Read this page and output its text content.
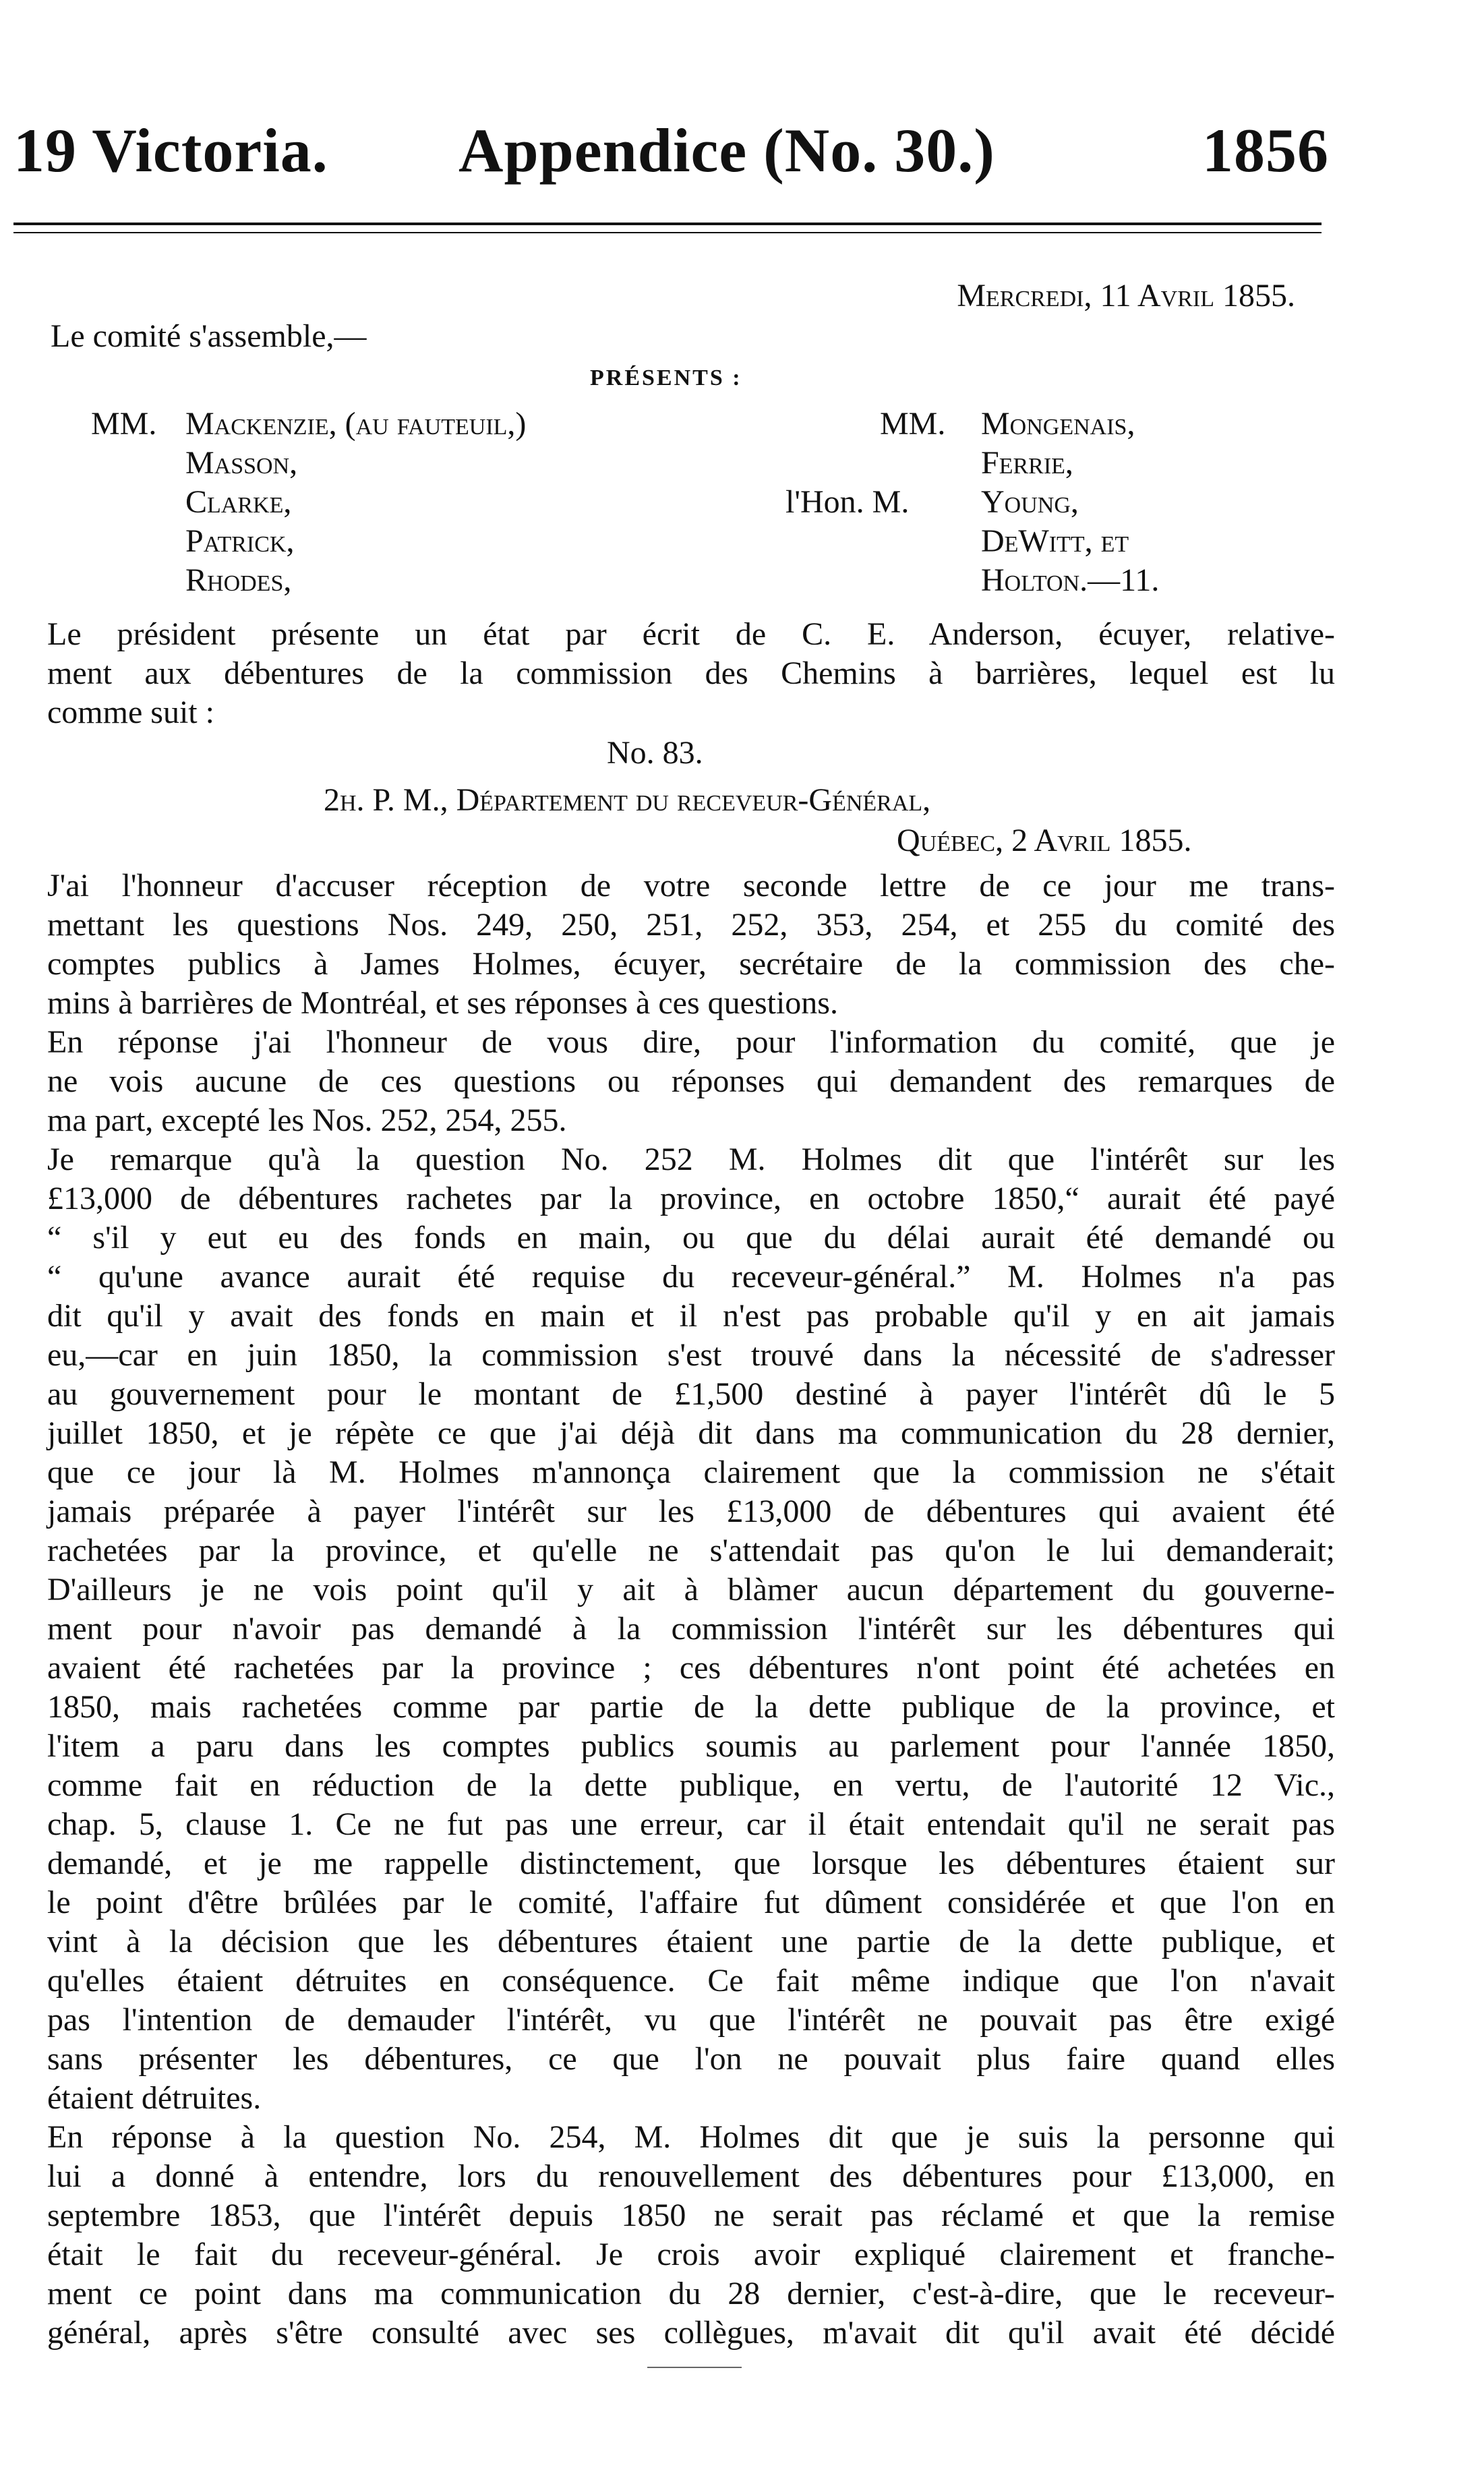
19 Victoria. Appendice (No. 30.)	1856
Mercredi, 11 Avril 1855.
Le comité s'assemble,—
PRÉSENTS :
MM. Mackenzie, (au fauteuil,)
Masson,
Clarke,
Patrick,
Rhodes,
MM.
l'Hon. M.
Mongenais,
Ferrie,
Young,
DeWitt, et
Holton.—11.
Le président présente un état par écrit de C. E. Anderson, écuyer, relative-
ment aux débentures de la commission des Chemins à barrières, lequel est lu
comme suit :
No. 83.
2h. P. M., Département du receveur-Général,
Québec, 2 Avril 1855.
J'ai l'honneur d'accuser réception de votre seconde lettre de ce jour me trans-
mettant les questions Nos. 249, 250, 251, 252, 353, 254, et 255 du comité des
comptes publics à James Holmes, écuyer, secrétaire de la commission des che-
mins à barrières de Montréal, et ses réponses à ces questions.
En réponse j'ai l'honneur de vous dire, pour l'information du comité, que je
ne vois aucune de ces questions ou réponses qui demandent des remarques de
ma part, excepté les Nos. 252, 254, 255.
Je remarque qu'à la question No. 252 M. Holmes dit que l'intérêt sur les
£13,000 de débentures rachetes par la province, en octobre 1850,“ aurait été payé
“ s'il y eut eu des fonds en main, ou que du délai aurait été demandé ou
“ qu'une avance aurait été requise du receveur-général.” M. Holmes n'a pas
dit qu'il y avait des fonds en main et il n'est pas probable qu'il y en ait jamais
eu,—car en juin 1850, la commission s'est trouvé dans la nécessité de s'adresser
au gouvernement pour le montant de £1,500 destiné à payer l'intérêt dû le 5
juillet 1850, et je répète ce que j'ai déjà dit dans ma communication du 28 dernier,
que ce jour là M. Holmes m'annonça clairement que la commission ne s'était
jamais préparée à payer l'intérêt sur les £13,000 de débentures qui avaient été
rachetées par la province, et qu'elle ne s'attendait pas qu'on le lui demanderait;
D'ailleurs je ne vois point qu'il y ait à blàmer aucun département du gouverne-
ment pour n'avoir pas demandé à la commission l'intérêt sur les débentures qui
avaient été rachetées par la province ; ces débentures n'ont point été achetées en
1850, mais rachetées comme par partie de la dette publique de la province, et
l'item a paru dans les comptes publics soumis au parlement pour l'année 1850,
comme fait en réduction de la dette publique, en vertu, de l'autorité 12 Vic.,
chap. 5, clause 1. Ce ne fut pas une erreur, car il était entendait qu'il ne serait pas
demandé, et je me rappelle distinctement, que lorsque les débentures étaient sur
le point d'être brûlées par le comité, l'affaire fut dûment considérée et que l'on en
vint à la décision que les débentures étaient une partie de la dette publique, et
qu'elles étaient détruites en conséquence. Ce fait même indique que l'on n'avait
pas l'intention de demauder l'intérêt, vu que l'intérêt ne pouvait pas être exigé
sans présenter les débentures, ce que l'on ne pouvait plus faire quand elles
étaient détruites.
En réponse à la question No. 254, M. Holmes dit que je suis la personne qui
lui a donné à entendre, lors du renouvellement des débentures pour £13,000, en
septembre 1853, que l'intérêt depuis 1850 ne serait pas réclamé et que la remise
était le fait du receveur-général. Je crois avoir expliqué clairement et franche-
ment ce point dans ma communication du 28 dernier, c'est-à-dire, que le receveur-
général, après s'être consulté avec ses collègues, m'avait dit qu'il avait été décidé
